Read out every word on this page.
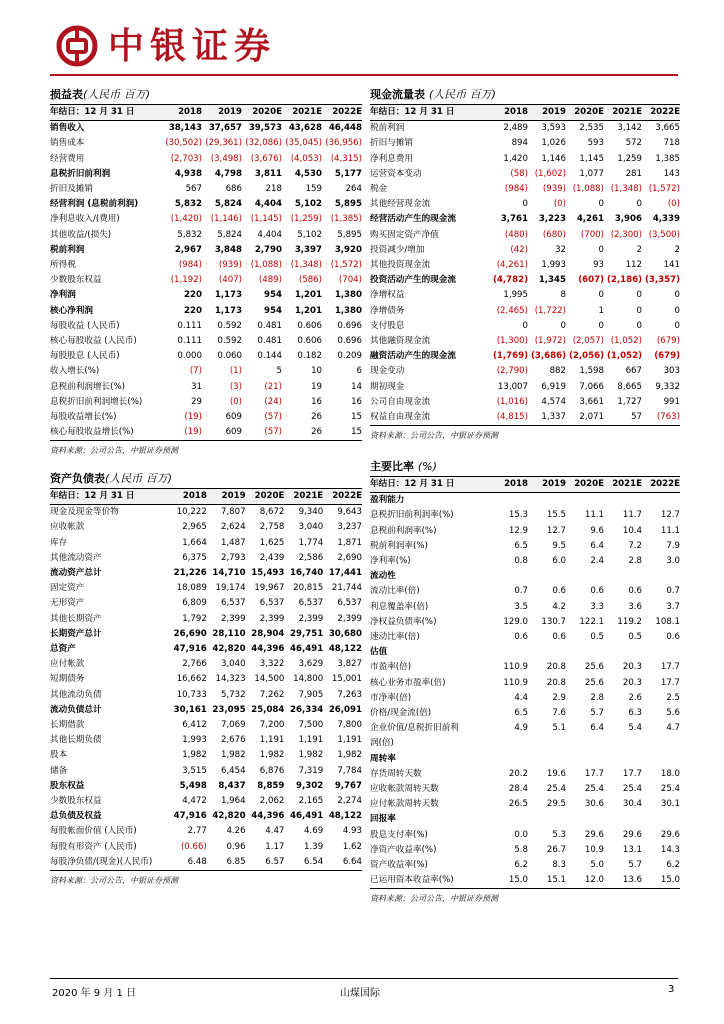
中银证券
损益表(人民币 百万)
年结日：12 月 31 日	2018	2019	2020E	2021E	2022E
销售收入	38,143	37,657	39,573	43,628	46,448
销售成本	(30,502)	(29,361)	(32,086)	(35,045)	(36,956)
经营费用	(2,703)	(3,498)	(3,676)	(4,053)	(4,315)
息税折旧前利润	4,938	4,798	3,811	4,530	5,177
折旧及摊销	567	686	218	159	264
经营利润 (息税前利润)	5,832	5,824	4,404	5,102	5,895
净利息收入/(费用)	(1,420)	(1,146)	(1,145)	(1,259)	(1,385)
其他收益/(损失)	5,832	5,824	4,404	5,102	5,895
税前利润	2,967	3,848	2,790	3,397	3,920
所得税	(984)	(939)	(1,088)	(1,348)	(1,572)
少数股东权益	(1,192)	(407)	(489)	(586)	(704)
净利润	220	1,173	954	1,201	1,380
核心净利润	220	1,173	954	1,201	1,380
每股收益 (人民币)	0.111	0.592	0.481	0.606	0.696
核心每股收益 (人民币)	0.111	0.592	0.481	0.606	0.696
每股股息 (人民币)	0.000	0.060	0.144	0.182	0.209
收入增长(%)	(7)	(1)	5	10	6
息税前利润增长(%)	31	(3)	(21)	19	14
息税折旧前利润增长(%)	29	(0)	(24)	16	16
每股收益增长(%)	(19)	609	(57)	26	15
核心每股收益增长(%)	(19)	609	(57)	26	15
资料来源：公司公告，中银证券预测
现金流量表 (人民币 百万)
年结日：12 月 31 日	2018	2019	2020E	2021E	2022E
税前利润	2,489	3,593	2,535	3,142	3,665
折旧与摊销	894	1,026	593	572	718
净利息费用	1,420	1,146	1,145	1,259	1,385
运营资本变动	(58)	(1,602)	1,077	281	143
税金	(984)	(939)	(1,088)	(1,348)	(1,572)
其他经营现金流	0	(0)	0	0	(0)
经营活动产生的现金流	3,761	3,223	4,261	3,906	4,339
购买固定资产净值	(480)	(680)	(700)	(2,300)	(3,500)
投资减少/增加	(42)	32	0	2	2
其他投资现金流	(4,261)	1,993	93	112	141
投资活动产生的现金流	(4,782)	1,345	(607)	(2,186)	(3,357)
净增权益	1,995	8	0	0	0
净增债务	(2,465)	(1,722)	1	0	0
支付股息	0	0	0	0	0
其他融资现金流	(1,300)	(1,972)	(2,057)	(1,052)	(679)
融资活动产生的现金流	(1,769)	(3,686)	(2,056)	(1,052)	(679)
现金变动	(2,790)	882	1,598	667	303
期初现金	13,007	6,919	7,066	8,665	9,332
公司自由现金流	(1,016)	4,574	3,661	1,727	991
权益自由现金流	(4,815)	1,337	2,071	57	(763)
资料来源：公司公告，中银证券预测
资产负债表(人民币 百万)
年结日：12 月 31 日	2018	2019	2020E	2021E	2022E
现金及现金等价物	10,222	7,807	8,672	9,340	9,643
应收帐款	2,965	2,624	2,758	3,040	3,237
库存	1,664	1,487	1,625	1,774	1,871
其他流动资产	6,375	2,793	2,439	2,586	2,690
流动资产总计	21,226	14,710	15,493	16,740	17,441
固定资产	18,089	19,174	19,967	20,815	21,744
无形资产	6,809	6,537	6,537	6,537	6,537
其他长期资产	1,792	2,399	2,399	2,399	2,399
长期资产总计	26,690	28,110	28,904	29,751	30,680
总资产	47,916	42,820	44,396	46,491	48,122
应付帐款	2,766	3,040	3,322	3,629	3,827
短期债务	16,662	14,323	14,500	14,800	15,001
其他流动负债	10,733	5,732	7,262	7,905	7,263
流动负债总计	30,161	23,095	25,084	26,334	26,091
长期借款	6,412	7,069	7,200	7,500	7,800
其他长期负债	1,993	2,676	1,191	1,191	1,191
股本	1,982	1,982	1,982	1,982	1,982
储备	3,515	6,454	6,876	7,319	7,784
股东权益	5,498	8,437	8,859	9,302	9,767
少数股东权益	4,472	1,964	2,062	2,165	2,274
总负债及权益	47,916	42,820	44,396	46,491	48,122
每股帐面价值 (人民币)	2.77	4.26	4.47	4.69	4.93
每股有形资产 (人民币)	(0.66)	0.96	1.17	1.39	1.62
每股净负债/(现金)(人民币)	6.48	6.85	6.57	6.54	6.64
资料来源：公司公告，中银证券预测
主要比率 (%)
年结日：12 月 31 日	2018	2019	2020E	2021E	2022E
盈利能力					
息税折旧前利润率(%)	15.3	15.5	11.1	11.7	12.7
息税前利润率(%)	12.9	12.7	9.6	10.4	11.1
税前利润率(%)	6.5	9.5	6.4	7.2	7.9
净利率(%)	0.8	6.0	2.4	2.8	3.0
流动性					
流动比率(倍)	0.7	0.6	0.6	0.6	0.7
利息覆盖率(倍)	3.5	4.2	3.3	3.6	3.7
净权益负债率(%)	129.0	130.7	122.1	119.2	108.1
速动比率(倍)	0.6	0.6	0.5	0.5	0.6
估值					
市盈率(倍)	110.9	20.8	25.6	20.3	17.7
核心业务市盈率(倍)	110.9	20.8	25.6	20.3	17.7
市净率(倍)	4.4	2.9	2.8	2.6	2.5
价格/现金流(倍)	6.5	7.6	5.7	6.3	5.6
企业价值/息税折旧前利	4.9	5.1	6.4	5.4	4.7
润(倍)					
周转率					
存货周转天数	20.2	19.6	17.7	17.7	18.0
应收帐款周转天数	28.4	25.4	25.4	25.4	25.4
应付帐款周转天数	26.5	29.5	30.6	30.4	30.1
回报率					
股息支付率(%)	0.0	5.3	29.6	29.6	29.6
净资产收益率(%)	5.8	26.7	10.9	13.1	14.3
资产收益率(%)	6.2	8.3	5.0	5.7	6.2
已运用资本收益率(%)	15.0	15.1	12.0	13.6	15.0
资料来源：公司公告，中银证券预测
2020 年 9 月 1 日	山煤国际	3
